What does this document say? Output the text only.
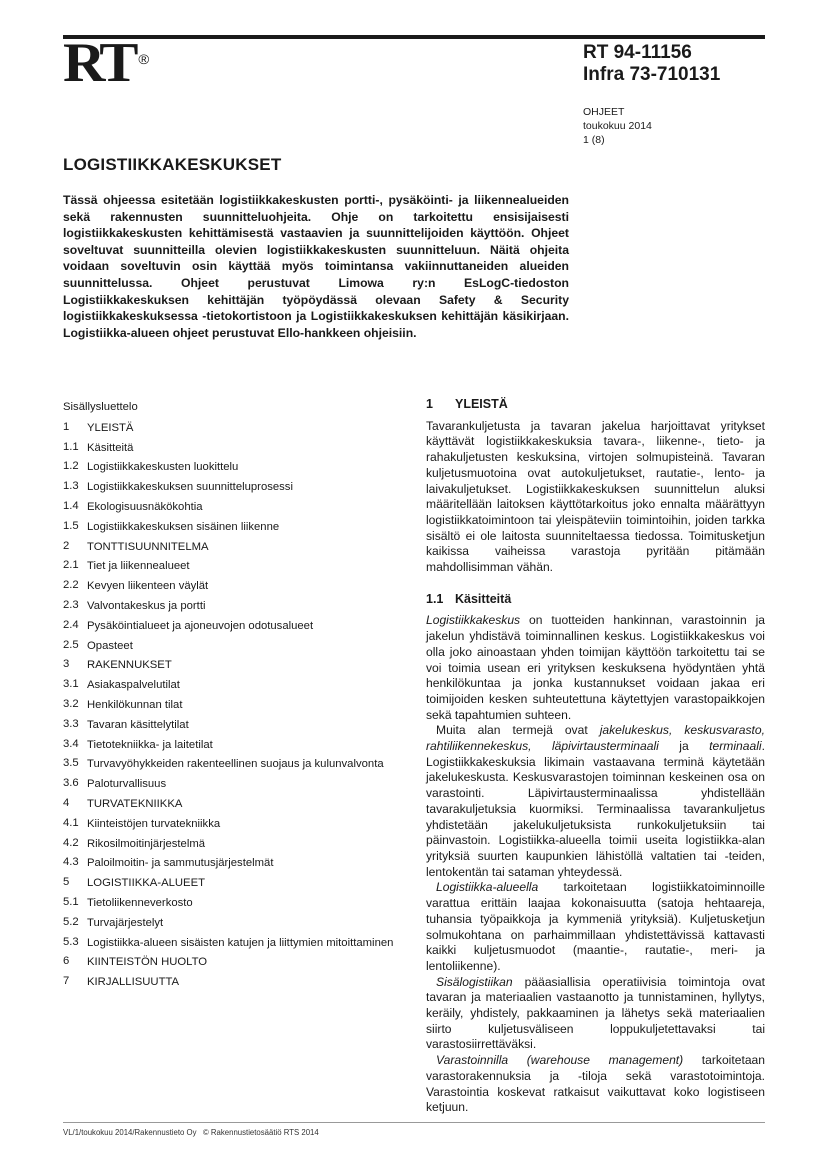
RT ®	RT 94-11156
Infra 73-710131
OHJEET
toukokuu 2014
1 (8)
LOGISTIIKKAKESKUKSET
Tässä ohjeessa esitetään logistiikkakeskusten portti-, pysäköinti- ja liikennealueiden sekä rakennusten suunnitteluohjeita. Ohje on tarkoitettu ensisijaisesti logistiikkakeskusten kehittämisestä vastaavien ja suunnittelijoiden käyttöön. Ohjeet soveltuvat suunnitteilla olevien logistiikkakeskusten suunnitteluun. Näitä ohjeita voidaan soveltuvin osin käyttää myös toimintansa vakiinnuttaneiden alueiden suunnittelussa. Ohjeet perustuvat Limowa ry:n EsLogC-tiedoston Logistiikkakeskuksen kehittäjän työpöydässä olevaan Safety & Security logistiikkakeskuksessa -tietokortistoon ja Logistiikkakeskuksen kehittäjän käsikirjaan. Logistiikka-alueen ohjeet perustuvat Ello-hankkeen ohjeisiin.
Sisällysluettelo
1	YLEISTÄ
1.1 Käsitteitä
1.2 Logistiikkakeskusten luokittelu
1.3 Logistiikkakeskuksen suunnitteluprosessi
1.4 Ekologisuusnäkökohtia
1.5 Logistiikkakeskuksen sisäinen liikenne
2	TONTTISUUNNITELMA
2.1 Tiet ja liikennealueet
2.2 Kevyen liikenteen väylät
2.3 Valvontakeskus ja portti
2.4 Pysäköintialueet ja ajoneuvojen odotusalueet
2.5 Opasteet
3	RAKENNUKSET
3.1 Asiakaspalvelutilat
3.2 Henkilökunnan tilat
3.3 Tavaran käsittelytilat
3.4 Tietotekniikka- ja laitetilat
3.5 Turvavyöhykkeiden rakenteellinen suojaus ja kulunvalvonta
3.6 Paloturvallisuus
4	TURVATEKNIIKKA
4.1 Kiinteistöjen turvatekniikka
4.2 Rikosilmoitinjärjestelmä
4.3 Paloilmoitin- ja sammutusjärjestelmät
5	LOGISTIIKKA-ALUEET
5.1 Tietoliikenneverkosto
5.2 Turvajärjestelyt
5.3 Logistiikka-alueen sisäisten katujen ja liittymien mitoittaminen
6	KIINTEISTÖN HUOLTO
7	KIRJALLISUUTTA
1	YLEISTÄ

Tavarankuljetusta ja tavaran jakelua harjoittavat yritykset käyttävät logistiikkakeskuksia tavara-, liikenne-, tieto- ja rahakuljetusten keskuksina, virtojen solmupisteinä. Tavaran kuljetusmuotoina ovat autokuljetukset, rautatie-, lento- ja laivakuljetukset. Logistiikkakeskuksen suunnittelun aluksi määritellään laitoksen käyttötarkoitus joko ennalta määrättyyn logistiikkatoimintoon tai yleispäteviin toimintoihin, joiden tarkka sisältö ei ole laitosta suunniteltaessa tiedossa. Toimitusketjun kaikissa vaiheissa varastoja pyritään pitämään mahdollisimman vähän.

1.1 Käsitteitä

Logistiikkakeskus on tuotteiden hankinnan, varastoinnin ja jakelun yhdistävä toiminnallinen keskus. Logistiikkakeskus voi olla joko ainoastaan yhden toimijan käyttöön tarkoitettu tai se voi toimia usean eri yrityksen keskuksena hyödyntäen yhtä henkilökuntaa ja jonka kustannukset voidaan jakaa eri toimijoiden kesken suhteutettuna käytettyjen varastopaikkojen sekä tapahtumien suhteen.

Muita alan termejä ovat jakelukeskus, keskusvarasto, rahtiliikennekeskus, läpivirtausterminaali ja terminaali. Logistiikkakeskuksia likimain vastaavana terminä käytetään jakelukeskusta. Keskusvarastojen toiminnan keskeinen osa on varastointi. Läpivirtausterminaalissa yhdistellään tavarakuljetuksia kuormiksi. Terminaalissa tavarankuljetus yhdistetään jakelukuljetuksista runkokuljetuksiin tai päinvastoin. Logistiikka-alueella toimii useita logistiikka-alan yrityksiä suurten kaupunkien lähistöllä valtatien tai -teiden, lentokentän tai sataman yhteydessä.

Logistiikka-alueella tarkoitetaan logistiikkatoiminnoille varattua erittäin laajaa kokonaisuutta (satoja hehtaareja, tuhansia työpaikkoja ja kymmeniä yrityksiä). Kuljetusketjun solmukohtana on parhaimmillaan yhdistettävissä kattavasti kaikki kuljetusmuodot (maantie-, rautatie-, meri- ja lentoliikenne).

Sisälogistiikan pääasiallisia operatiivisia toimintoja ovat tavaran ja materiaalien vastaanotto ja tunnistaminen, hyllytys, keräily, yhdistely, pakkaaminen ja lähetys sekä materiaalien siirto kuljetusväliseen loppukuljetettavaksi tai varastosiirrettäväksi.

Varastoinnilla (warehouse management) tarkoitetaan varastorakennuksia ja -tiloja sekä varastotoimintoja. Varastointia koskevat ratkaisut vaikuttavat koko logistiseen ketjuun.

VL/1/toukokuu 2014/Rakennustieto Oy © Rakennustietosäätiö RTS 2014
